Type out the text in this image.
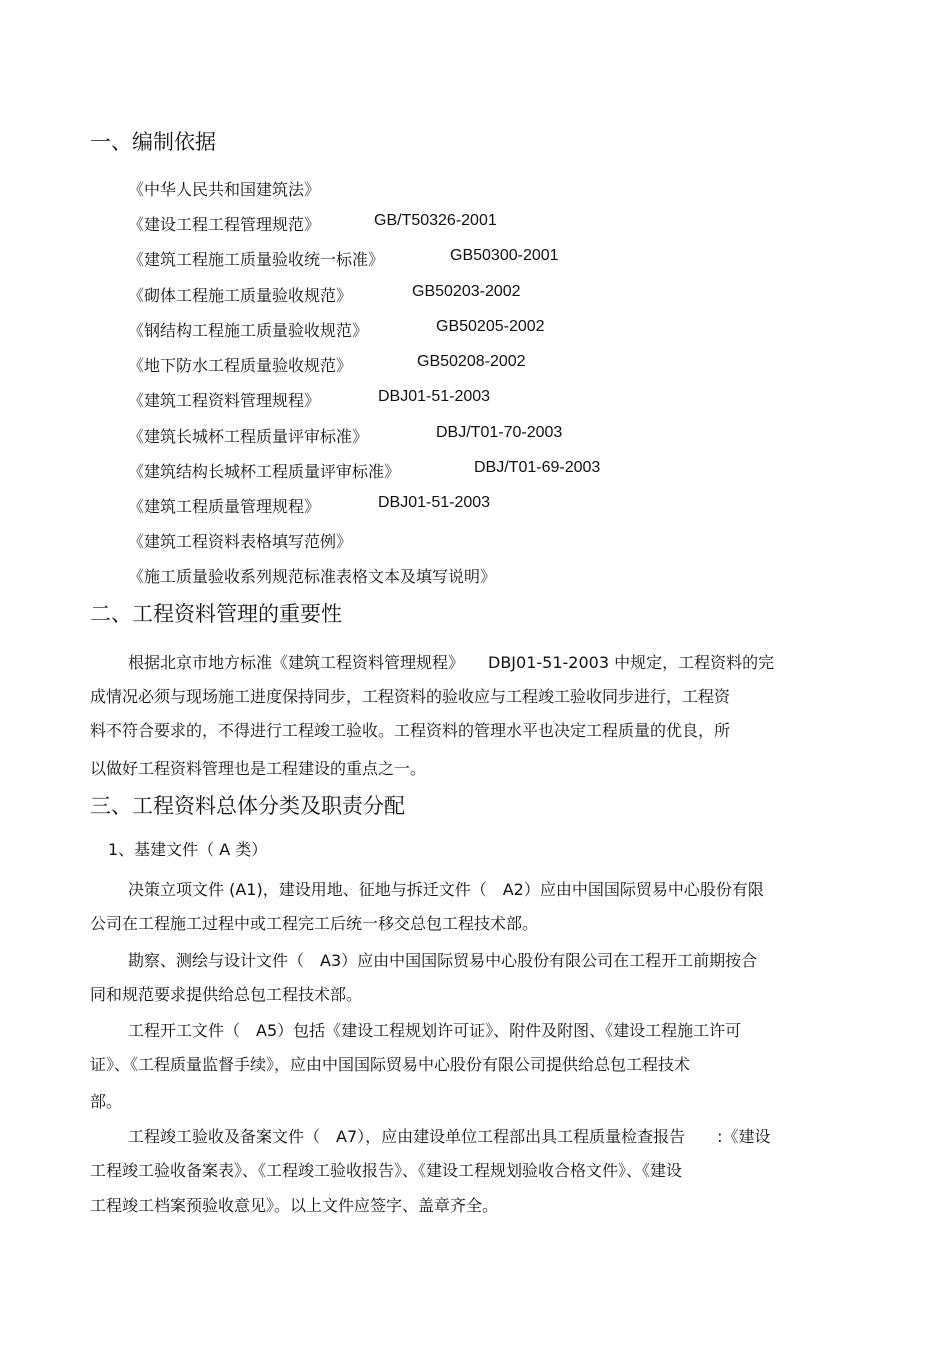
一、编制依据
《中华人民共和国建筑法》
《建设工程工程管理规范》	GB/T50326-2001
《建筑工程施工质量验收统一标准》	GB50300-2001
《砌体工程施工质量验收规范》	GB50203-2002
《钢结构工程施工质量验收规范》	GB50205-2002
《地下防水工程质量验收规范》	GB50208-2002
《建筑工程资料管理规程》	DBJ01-51-2003
《建筑长城杯工程质量评审标准》	DBJ/T01-70-2003
《建筑结构长城杯工程质量评审标准》	DBJ/T01-69-2003
《建筑工程质量管理规程》	DBJ01-51-2003
《建筑工程资料表格填写范例》
《施工质量验收系列规范标准表格文本及填写说明》
二、工程资料管理的重要性
根据北京市地方标准《建筑工程资料管理规程》　　DBJ01-51-2003 中规定，工程资料的完
成情况必须与现场施工进度保持同步，工程资料的验收应与工程竣工验收同步进行，工程资
料不符合要求的，不得进行工程竣工验收。工程资料的管理水平也决定工程质量的优良，所
以做好工程资料管理也是工程建设的重点之一。
三、工程资料总体分类及职责分配
1、基建文件（ A 类）
决策立项文件 (A1)，建设用地、征地与拆迁文件（　A2）应由中国国际贸易中心股份有限
公司在工程施工过程中或工程完工后统一移交总包工程技术部。
勘察、测绘与设计文件（　A3）应由中国国际贸易中心股份有限公司在工程开工前期按合
同和规范要求提供给总包工程技术部。
工程开工文件（　A5）包括《建设工程规划许可证》、附件及附图、《建设工程施工许可
证》、《工程质量监督手续》，应由中国国际贸易中心股份有限公司提供给总包工程技术
部。
工程竣工验收及备案文件（　A7），应由建设单位工程部出具工程质量检查报告　　:《建设
工程竣工验收备案表》、《工程竣工验收报告》、《建设工程规划验收合格文件》、《建设
工程竣工档案预验收意见》。以上文件应签字、盖章齐全。
